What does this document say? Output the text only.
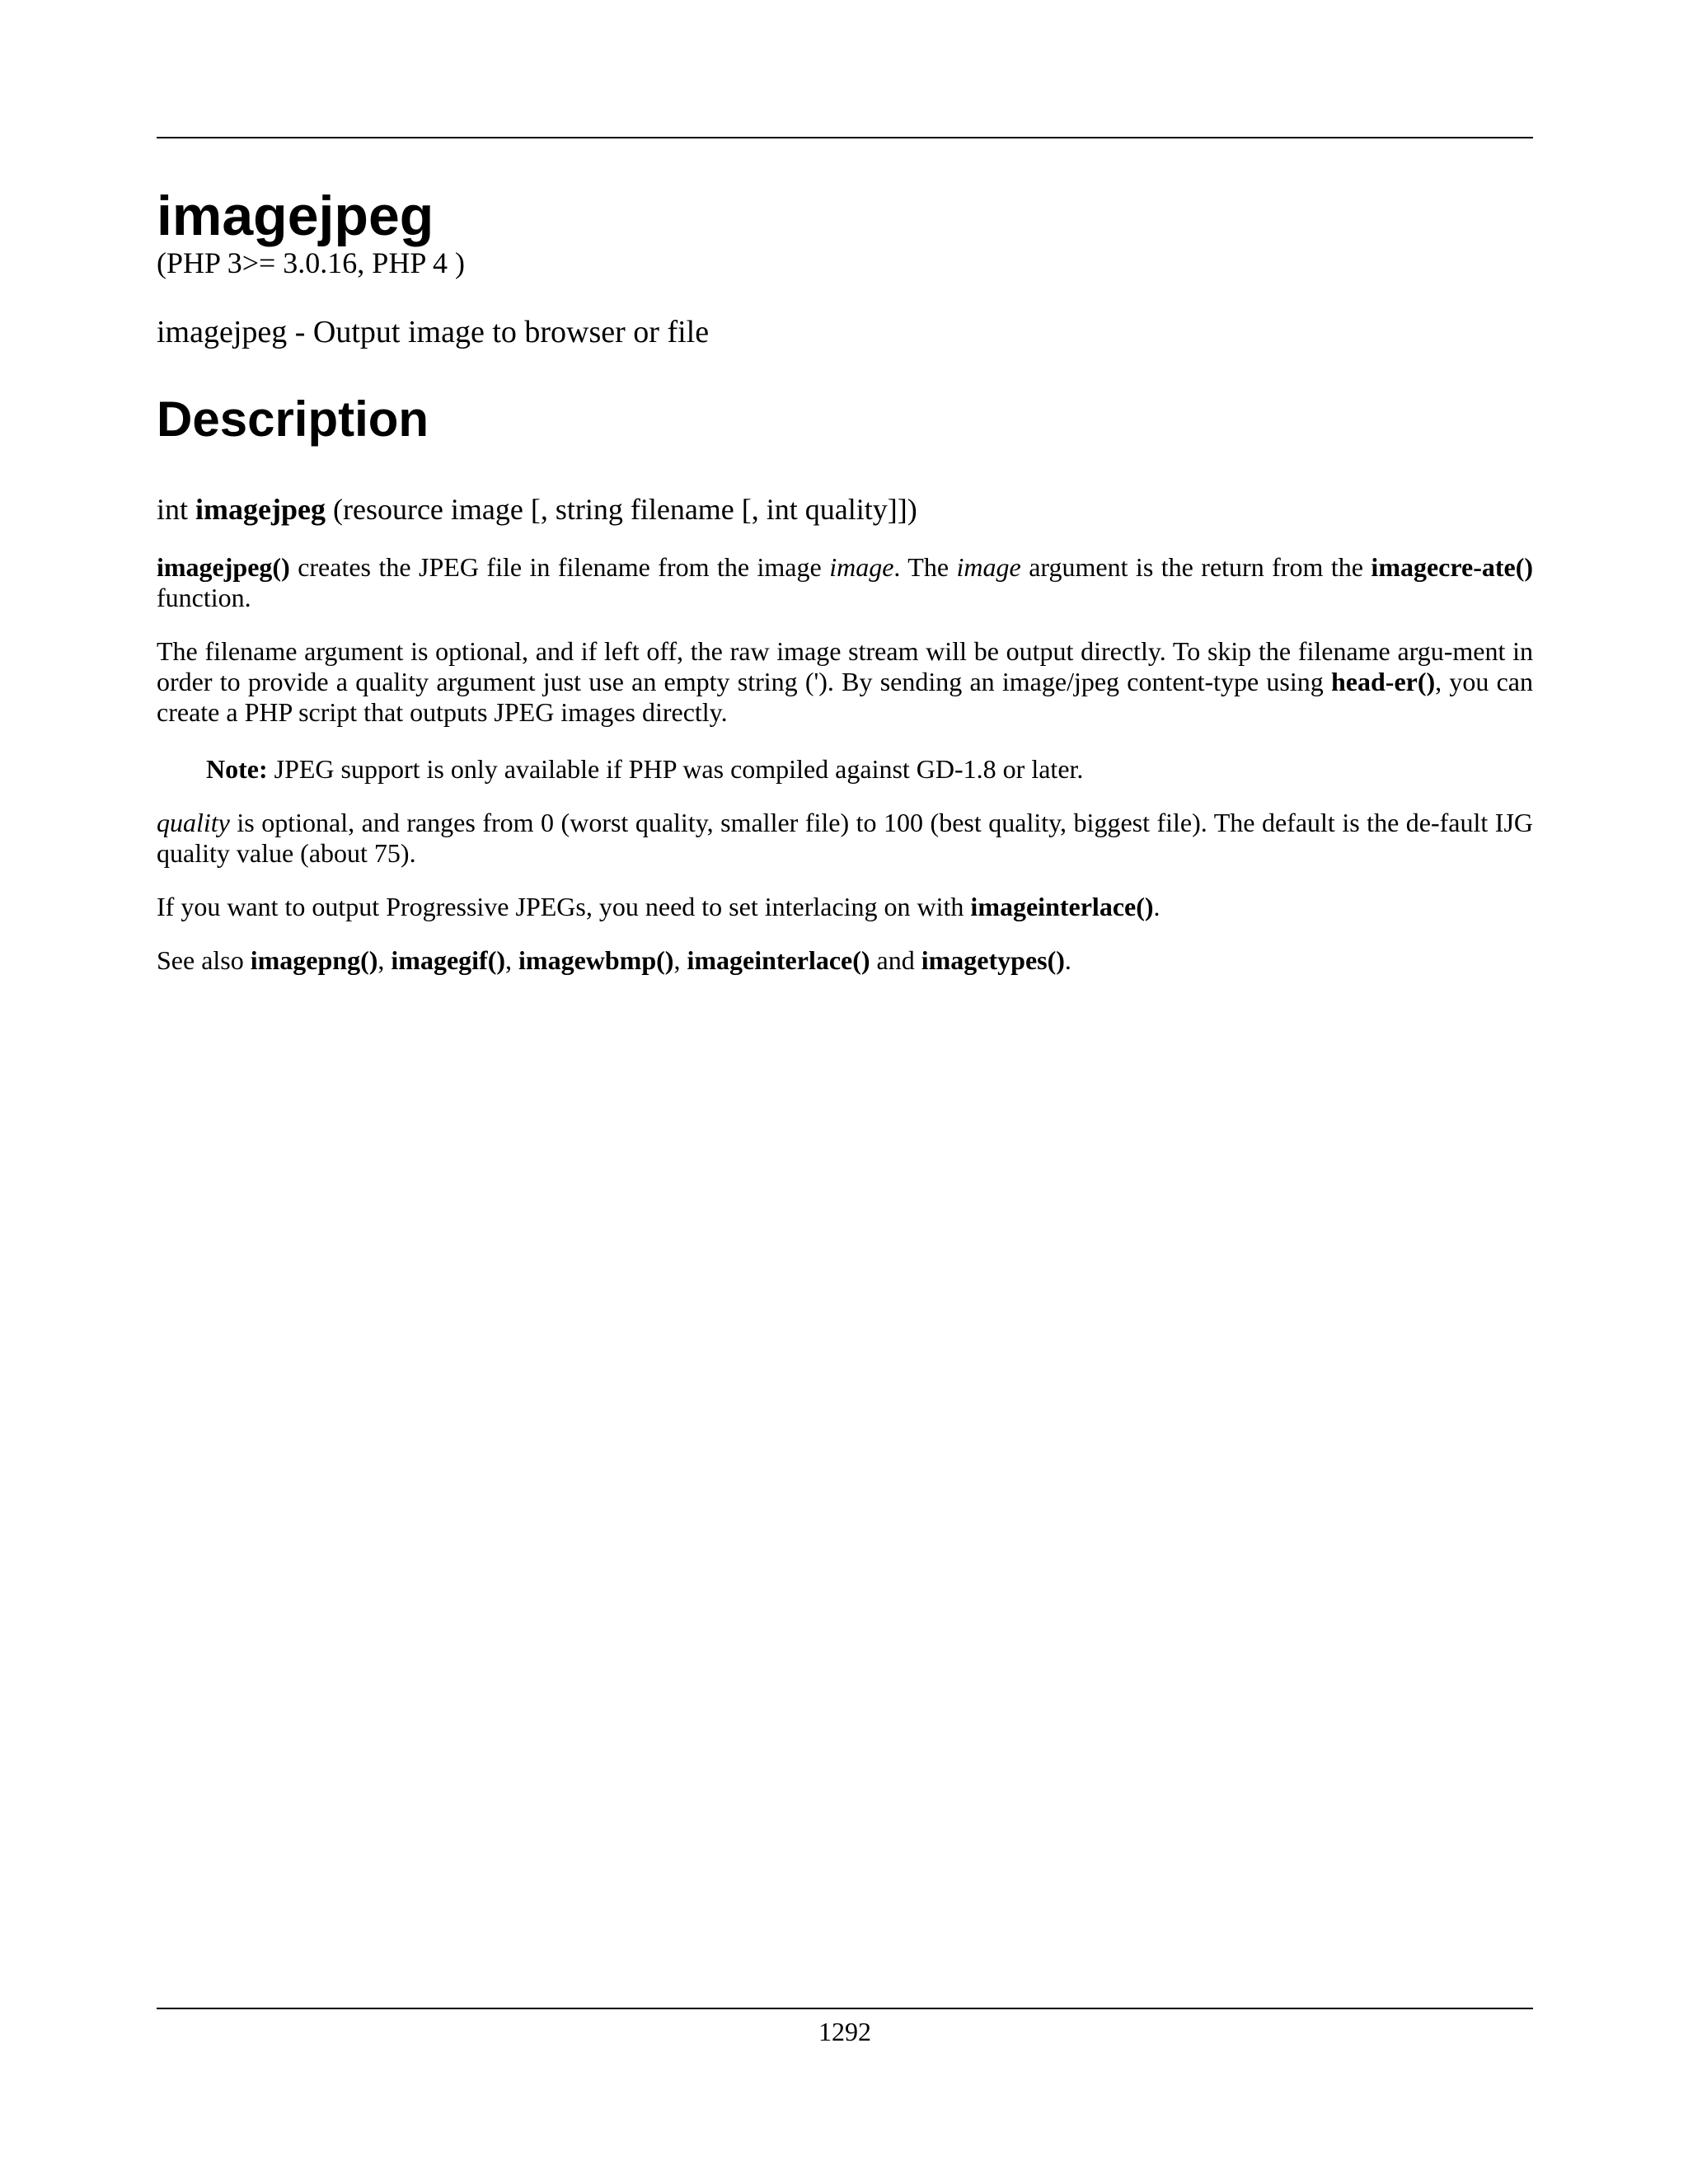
imagejpeg
(PHP 3>= 3.0.16, PHP 4 )
imagejpeg - Output image to browser or file
Description
int imagejpeg (resource image [, string filename [, int quality]])

imagejpeg() creates the JPEG file in filename from the image image. The image argument is the return from the imagecre-ate() function.

The filename argument is optional, and if left off, the raw image stream will be output directly. To skip the filename argu-ment in order to provide a quality argument just use an empty string ('). By sending an image/jpeg content-type using head-er(), you can create a PHP script that outputs JPEG images directly.

Note: JPEG support is only available if PHP was compiled against GD-1.8 or later.

quality is optional, and ranges from 0 (worst quality, smaller file) to 100 (best quality, biggest file). The default is the de-fault IJG quality value (about 75).

If you want to output Progressive JPEGs, you need to set interlacing on with imageinterlace().

See also imagepng(), imagegif(), imagewbmp(), imageinterlace() and imagetypes().

1292
